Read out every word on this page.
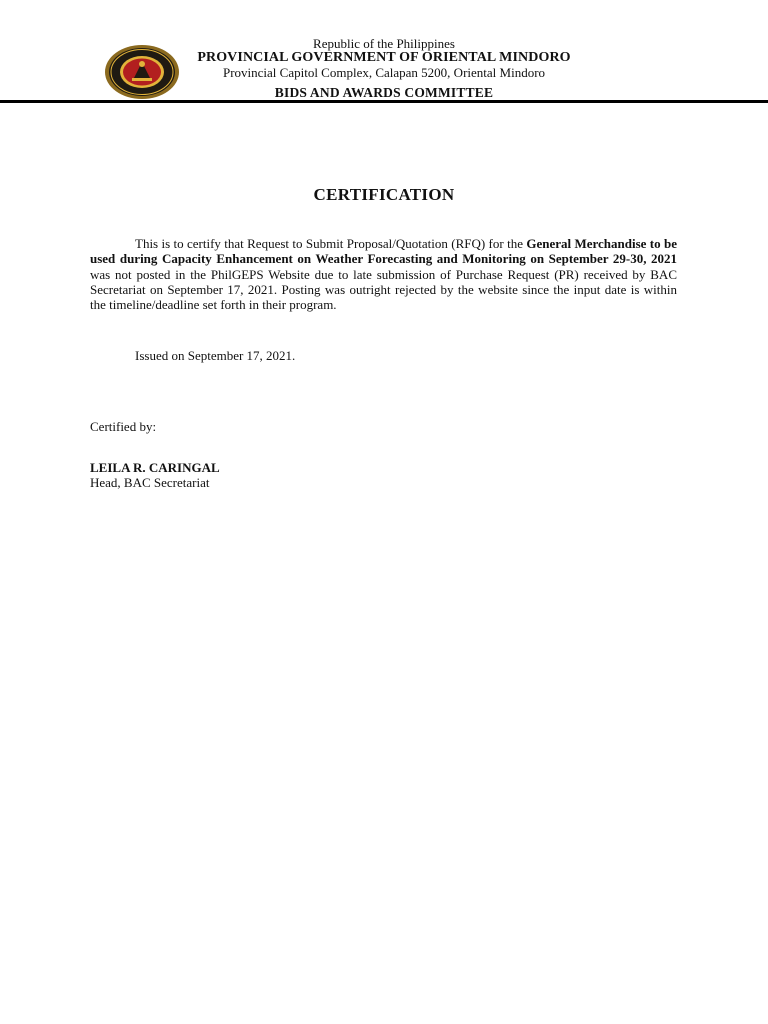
Republic of the Philippines
PROVINCIAL GOVERNMENT OF ORIENTAL MINDORO
Provincial Capitol Complex, Calapan 5200, Oriental Mindoro
BIDS AND AWARDS COMMITTEE
CERTIFICATION
This is to certify that Request to Submit Proposal/Quotation (RFQ) for the General Merchandise to be used during Capacity Enhancement on Weather Forecasting and Monitoring on September 29-30, 2021 was not posted in the PhilGEPS Website due to late submission of Purchase Request (PR) received by BAC Secretariat on September 17, 2021. Posting was outright rejected by the website since the input date is within the timeline/deadline set forth in their program.
Issued on September 17, 2021.
Certified by:
LEILA R. CARINGAL
Head, BAC Secretariat
